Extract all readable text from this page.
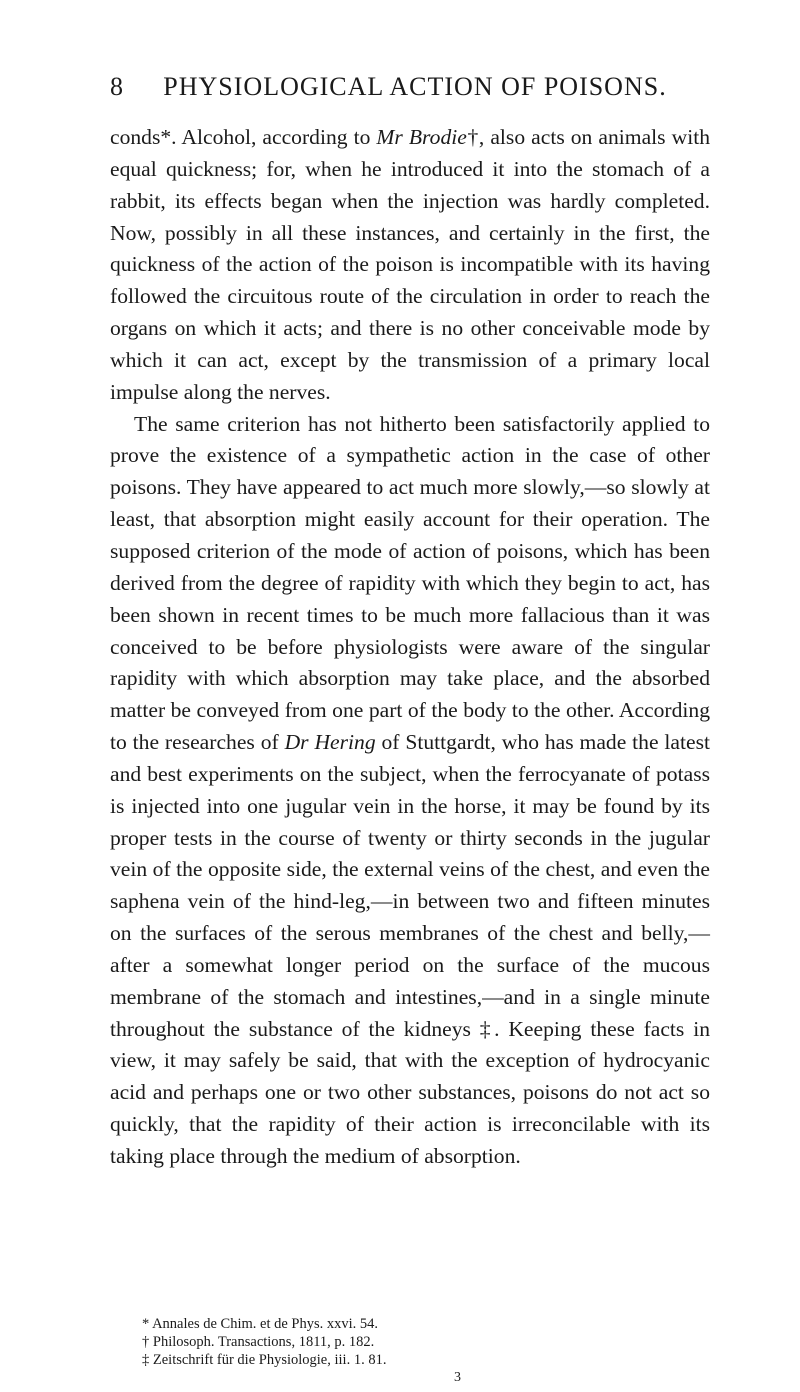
8	PHYSIOLOGICAL ACTION OF POISONS.

conds*. Alcohol, according to Mr Brodie†, also acts on animals with equal quickness; for, when he introduced it into the stomach of a rabbit, its effects began when the injection was hardly completed. Now, possibly in all these instances, and certainly in the first, the quickness of the action of the poison is incompatible with its having followed the circuitous route of the circulation in order to reach the organs on which it acts; and there is no other conceivable mode by which it can act, except by the transmission of a primary local impulse along the nerves.

The same criterion has not hitherto been satisfactorily applied to prove the existence of a sympathetic action in the case of other poisons. They have appeared to act much more slowly,—so slowly at least, that absorption might easily account for their operation. The supposed criterion of the mode of action of poisons, which has been derived from the degree of rapidity with which they begin to act, has been shown in recent times to be much more fallacious than it was conceived to be before physiologists were aware of the singular rapidity with which absorption may take place, and the absorbed matter be conveyed from one part of the body to the other. According to the researches of Dr Hering of Stuttgardt, who has made the latest and best experiments on the subject, when the ferrocyanate of potass is injected into one jugular vein in the horse, it may be found by its proper tests in the course of twenty or thirty seconds in the jugular vein of the opposite side, the external veins of the chest, and even the saphena vein of the hind-leg,—in between two and fifteen minutes on the surfaces of the serous membranes of the chest and belly,—after a somewhat longer period on the surface of the mucous membrane of the stomach and intestines,—and in a single minute throughout the substance of the kidneys ‡. Keeping these facts in view, it may safely be said, that with the exception of hydrocyanic acid and perhaps one or two other substances, poisons do not act so quickly, that the rapidity of their action is irreconcilable with its taking place through the medium of absorption.

* Annales de Chim. et de Phys. xxvi. 54.

† Philosoph. Transactions, 1811, p. 182.

‡ Zeitschrift für die Physiologie, iii. 1. 81.

3
